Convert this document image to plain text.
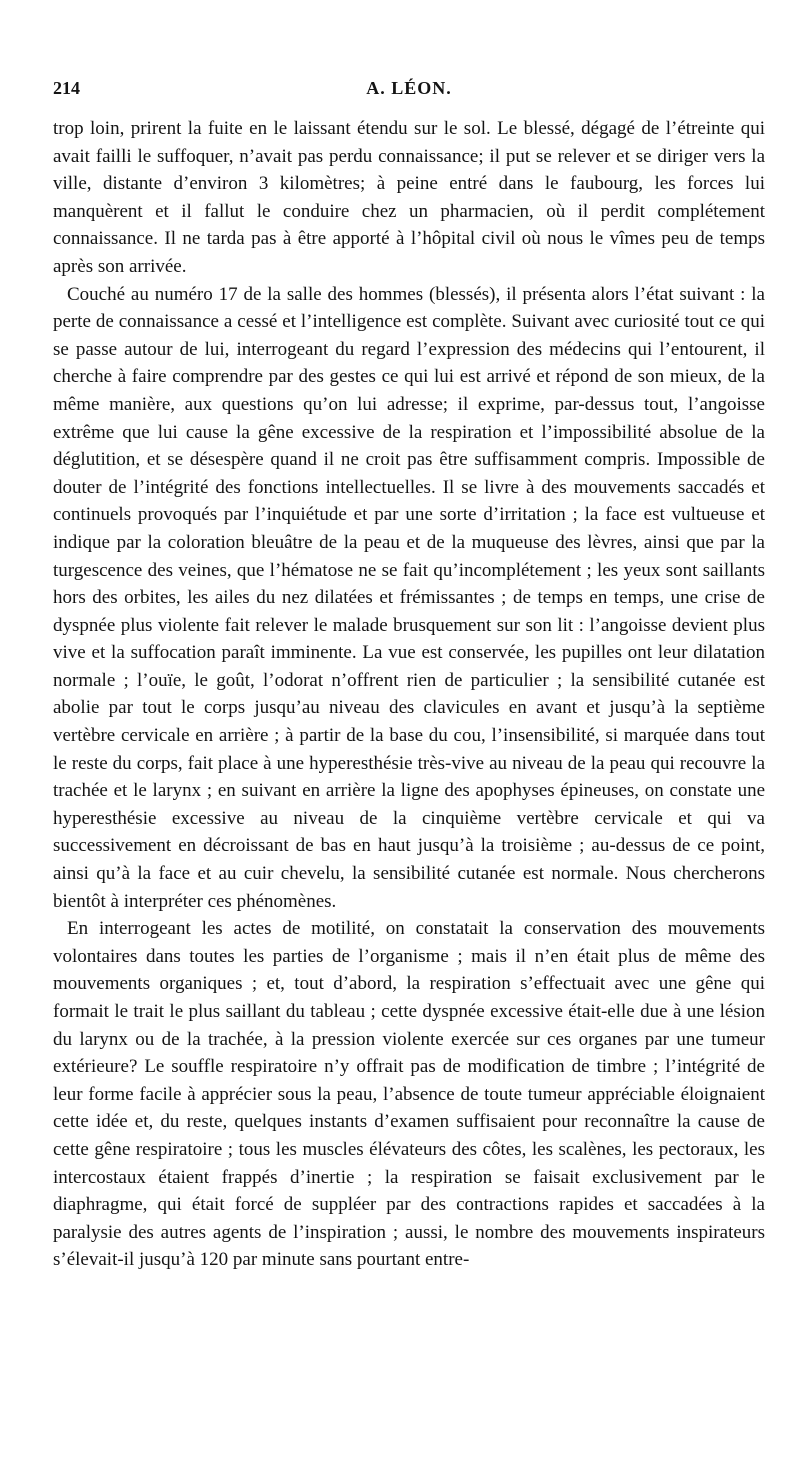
214	A. LÉON.

trop loin, prirent la fuite en le laissant étendu sur le sol. Le blessé, dégagé de l’étreinte qui avait failli le suffoquer, n’avait pas perdu connaissance; il put se relever et se diriger vers la ville, distante d’environ 3 kilomètres; à peine entré dans le faubourg, les forces lui manquèrent et il fallut le conduire chez un pharmacien, où il perdit complétement connaissance. Il ne tarda pas à être apporté à l’hôpital civil où nous le vîmes peu de temps après son arrivée.

Couché au numéro 17 de la salle des hommes (blessés), il présenta alors l’état suivant : la perte de connaissance a cessé et l’intelligence est complète. Suivant avec curiosité tout ce qui se passe autour de lui, interrogeant du regard l’expression des médecins qui l’entourent, il cherche à faire comprendre par des gestes ce qui lui est arrivé et répond de son mieux, de la même manière, aux questions qu’on lui adresse; il exprime, par-dessus tout, l’angoisse extrême que lui cause la gêne excessive de la respiration et l’impossibilité absolue de la déglutition, et se désespère quand il ne croit pas être suffisamment compris. Impossible de douter de l’intégrité des fonctions intellectuelles. Il se livre à des mouvements saccadés et continuels provoqués par l’inquiétude et par une sorte d’irritation ; la face est vultueuse et indique par la coloration bleuâtre de la peau et de la muqueuse des lèvres, ainsi que par la turgescence des veines, que l’hématose ne se fait qu’incomplétement ; les yeux sont saillants hors des orbites, les ailes du nez dilatées et frémissantes ; de temps en temps, une crise de dyspnée plus violente fait relever le malade brusquement sur son lit : l’angoisse devient plus vive et la suffocation paraît imminente. La vue est conservée, les pupilles ont leur dilatation normale ; l’ouïe, le goût, l’odorat n’offrent rien de particulier ; la sensibilité cutanée est abolie par tout le corps jusqu’au niveau des clavicules en avant et jusqu’à la septième vertèbre cervicale en arrière ; à partir de la base du cou, l’insensibilité, si marquée dans tout le reste du corps, fait place à une hyperesthésie très-vive au niveau de la peau qui recouvre la trachée et le larynx ; en suivant en arrière la ligne des apophyses épineuses, on constate une hyperesthésie excessive au niveau de la cinquième vertèbre cervicale et qui va successivement en décroissant de bas en haut jusqu’à la troisième ; au-dessus de ce point, ainsi qu’à la face et au cuir chevelu, la sensibilité cutanée est normale. Nous chercherons bientôt à interpréter ces phénomènes.

En interrogeant les actes de motilité, on constatait la conservation des mouvements volontaires dans toutes les parties de l’organisme ; mais il n’en était plus de même des mouvements organiques ; et, tout d’abord, la respiration s’effectuait avec une gêne qui formait le trait le plus saillant du tableau ; cette dyspnée excessive était-elle due à une lésion du larynx ou de la trachée, à la pression violente exercée sur ces organes par une tumeur extérieure? Le souffle respiratoire n’y offrait pas de modification de timbre ; l’intégrité de leur forme facile à apprécier sous la peau, l’absence de toute tumeur appréciable éloignaient cette idée et, du reste, quelques instants d’examen suffisaient pour reconnaître la cause de cette gêne respiratoire ; tous les muscles élévateurs des côtes, les scalènes, les pectoraux, les intercostaux étaient frappés d’inertie ; la respiration se faisait exclusivement par le diaphragme, qui était forcé de suppléer par des contractions rapides et saccadées à la paralysie des autres agents de l’inspiration ; aussi, le nombre des mouvements inspirateurs s’élevait-il jusqu’à 120 par minute sans pourtant entre-
